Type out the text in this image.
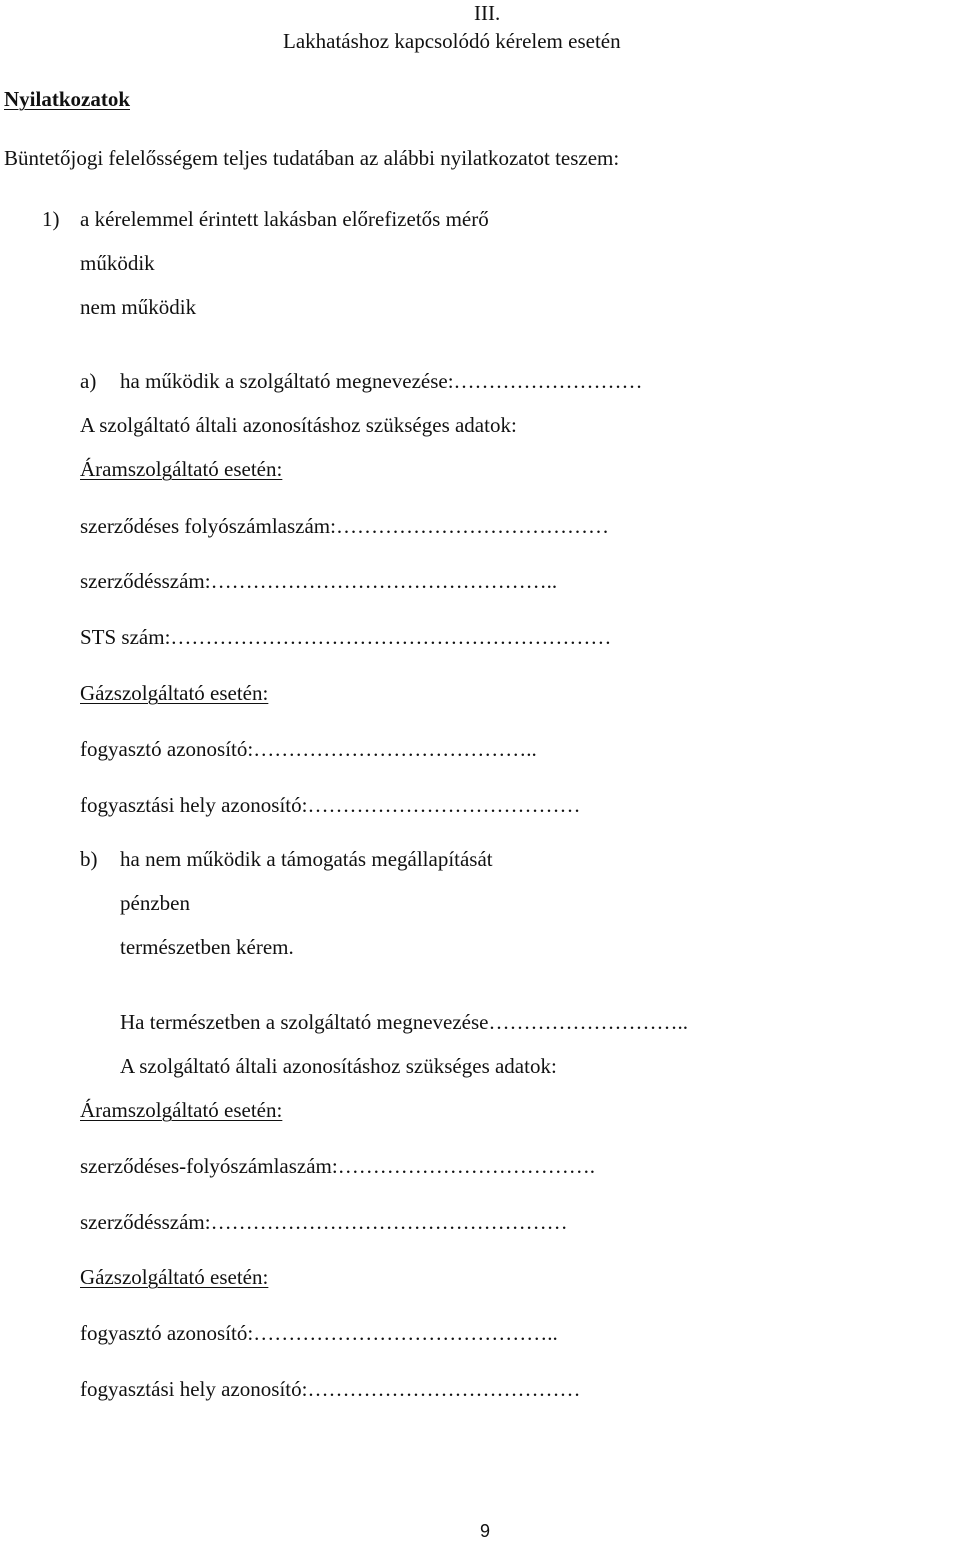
III.
Lakhatáshoz kapcsolódó kérelem esetén
Nyilatkozatok
Büntetőjogi felelősségem teljes tudatában az alábbi nyilatkozatot teszem:
1) a kérelemmel érintett lakásban előrefizetős mérő
működik
nem működik
a) ha működik a szolgáltató megnevezése:………………………
A szolgáltató általi azonosításhoz szükséges adatok:
Áramszolgáltató esetén:
szerződéses folyószámlaszám:…………………………………
szerződésszám:…………………………………………..
STS szám:………………………………………………………
Gázszolgáltató esetén:
fogyasztó azonosító:…………………………………..
fogyasztási hely azonosító:…………………………………
b) ha nem működik a támogatás megállapítását
pénzben
természetben kérem.
Ha természetben a szolgáltató megnevezése………………………..
A szolgáltató általi azonosításhoz szükséges adatok:
Áramszolgáltató esetén:
szerződéses-folyószámlaszám:……………………………….
szerződésszám:……………………………………………
Gázszolgáltató esetén:
fogyasztó azonosító:……………………………………..
fogyasztási hely azonosító:…………………………………
9
